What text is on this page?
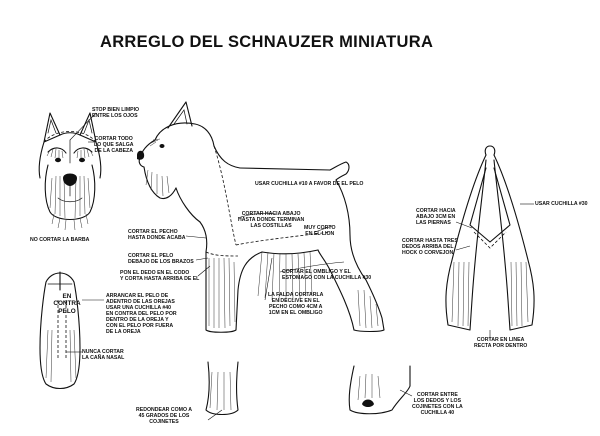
ARREGLO DEL SCHNAUZER MINIATURA
STOP BIEN LIMPIO
ENTRE LOS OJOS
CORTAR TODO
LO QUE SALGA
DE LA CABEZA
NO CORTAR LA BARBA
EN
CONTRA
PELO
ARRANCAR EL PELO DE
ADENTRO DE LAS OREJAS
USAR UNA CUCHILLA #40
EN CONTRA DEL PELO POR
DENTRO DE LA OREJA Y
CON EL PELO POR FUERA
DE LA OREJA
NUNCA CORTAR
LA CAÑA NASAL
USAR CUCHILLA #10 A FAVOR DE EL PELO
CORTAR HACIA ABAJO
HASTA DONDE TERMINAN
LAS COSTILLAS	MUY CORTO
EN EL LION
CORTAR EL PECHO
HASTA DONDE ACABA
CORTAR EL PELO
DEBAJO DE LOS BRAZOS
PON EL DEDO EN EL CODO
Y CORTA HASTA ARRIBA DE EL
CORTAR EL OMBLIGO Y EL
ESTOMAGO CON LA CUCHILLA #30
LA FALDA CORTARLA
EN DECLIVE EN EL
PECHO COMO 4CM A
1CM EN EL OMBLIGO
USAR CUCHILLA #30
CORTAR HACIA
ABAJO 3CM EN
LAS PIERNAS
CORTAR HASTA TRES
DEDOS ARRIBA DEL
HOCK O CORVEJON
CORTAR EN LINEA
RECTA POR DENTRO
REDONDEAR COMO A
45 GRADOS DE LOS
COJINETES
CORTAR ENTRE
LOS DEDOS Y LOS
COJINETES CON LA
CUCHILLA 40
